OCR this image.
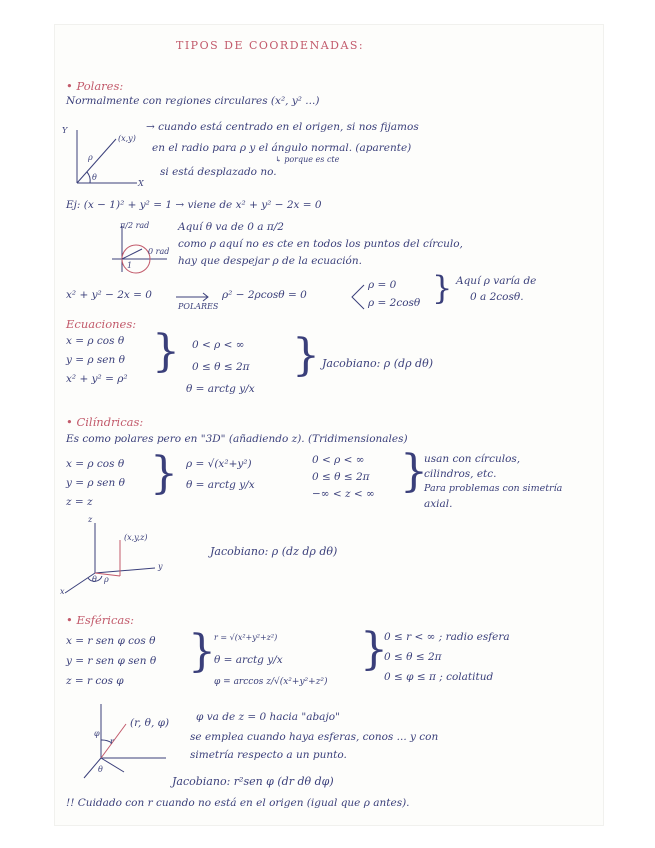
TIPOS DE COORDENADAS:
• Polares:
Normalmente con regiones circulares (x², y² ...)
Y
(x,y)
ρ
θ
X
→ cuando está centrado en el origen, si nos fijamos
en el radio para ρ y el ángulo normal. (aparente)
↳ porque es cte
si está desplazado no.
Ej: (x − 1)² + y² = 1 → viene de x² + y² − 2x = 0
π/2 rad
0 rad
1
Aquí θ va de 0 a π/2
como ρ aquí no es cte en todos los puntos del círculo,
hay que despejar ρ de la ecuación.
x² + y² − 2x = 0
POLARES
ρ² − 2ρcosθ = 0
ρ = 0
ρ = 2cosθ } Aquí ρ varía de
0 a 2cosθ.
Ecuaciones:
x = ρ cos θ
y = ρ sen θ
x² + y² = ρ²
} 0 < ρ < ∞
0 ≤ θ ≤ 2π
θ = arctg y/x
} Jacobiano: ρ (dρ dθ)
• Cilíndricas:
Es como polares pero en "3D" (añadiendo z). (Tridimensionales)
x = ρ cos θ
y = ρ sen θ
z = z
} ρ = √(x²+y²)
θ = arctg y/x
0 < ρ < ∞
0 ≤ θ ≤ 2π
−∞ < z < ∞ }
usan con círculos,
cilindros, etc.
Para problemas con simetría
axial.
z
(x,y,z)
y
ρ
θ
x
Jacobiano: ρ (dz dρ dθ)
• Esféricas:
x = r sen φ cos θ
y = r sen φ sen θ
z = r cos φ
}
r = √(x²+y²+z²)
θ = arctg y/x
φ = arccos z/√(x²+y²+z²)
}
0 ≤ r < ∞ ; radio esfera
0 ≤ θ ≤ 2π
0 ≤ φ ≤ π ; colatitud
φ
r
θ
(r, θ, φ)	φ va de z = 0 hacia "abajo"
se emplea cuando haya esferas, conos ... y con
simetría respecto a un punto.
Jacobiano: r²sen φ (dr dθ dφ)
!! Cuidado con r cuando no está en el origen (igual que ρ antes).
